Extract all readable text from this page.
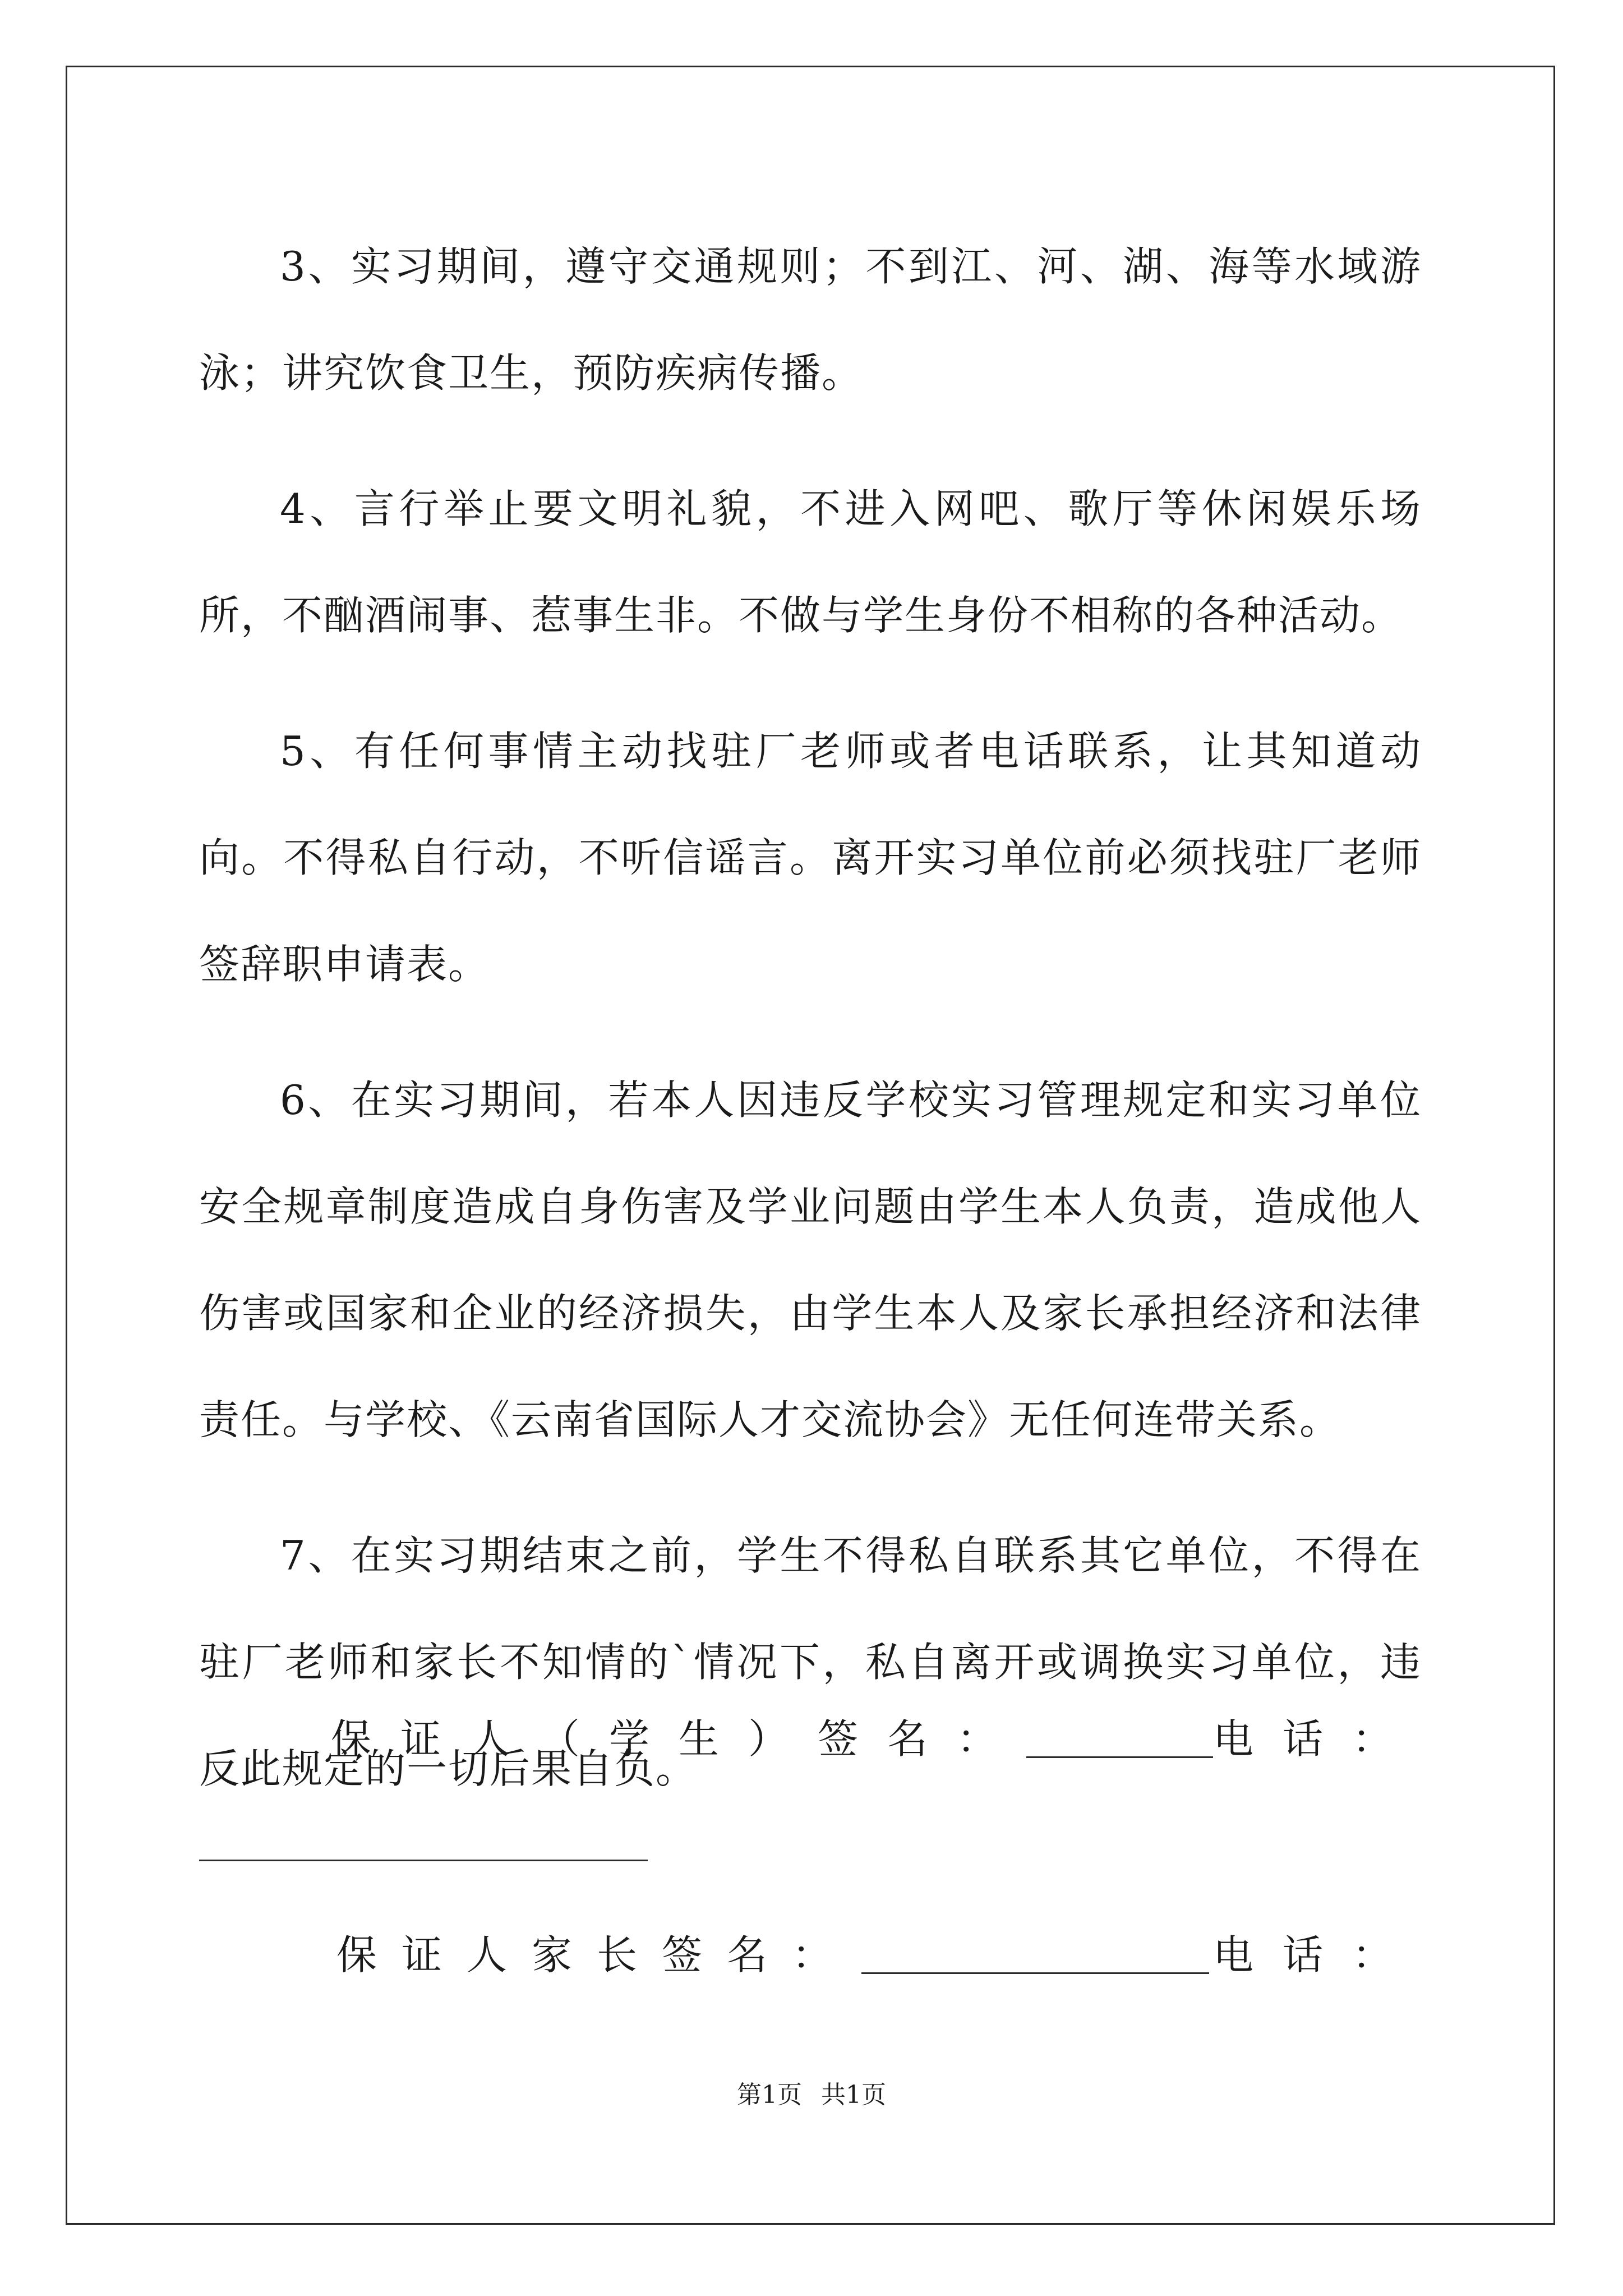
3、实习期间，遵守交通规则；不到江、河、湖、海等水域游泳；讲究饮食卫生，预防疾病传播。

4、言行举止要文明礼貌，不进入网吧、歌厅等休闲娱乐场所，不酗酒闹事、惹事生非。不做与学生身份不相称的各种活动。

5、有任何事情主动找驻厂老师或者电话联系，让其知道动向。不得私自行动，不听信谣言。离开实习单位前必须找驻厂老师签辞职申请表。

6、在实习期间，若本人因违反学校实习管理规定和实习单位安全规章制度造成自身伤害及学业问题由学生本人负责，造成他人伤害或国家和企业的经济损失，由学生本人及家长承担经济和法律责任。与学校、《云南省国际人才交流协会》无任何连带关系。

7、在实习期结束之前，学生不得私自联系其它单位，不得在驻厂老师和家长不知情的`情况下，私自离开或调换实习单位，违反此规定的一切后果自负。

保证人（学生）签名：	电话：
保证人家长签名：	电话：
第1页 共1页
